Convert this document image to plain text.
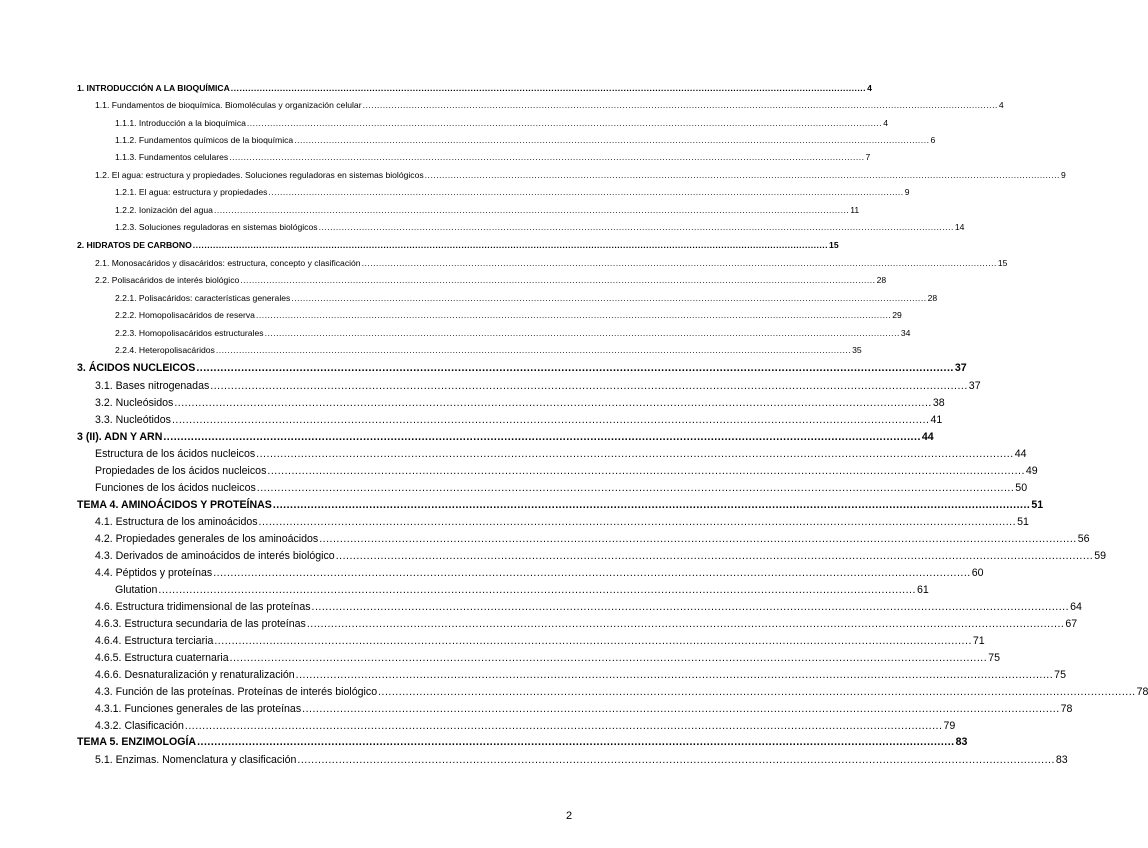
1. INTRODUCCIÓN A LA BIOQUÍMICA ............................................................................................................................................................................................................................ 4
1.1. Fundamentos de bioquímica. Biomoléculas y organización celular ............................................................................................................................................................................................................................ 4
1.1.1. Introducción a la bioquímica ............................................................................................................................................................................................................................ 4
1.1.2. Fundamentos químicos de la bioquímica ............................................................................................................................................................................................................................ 6
1.1.3. Fundamentos celulares ............................................................................................................................................................................................................................ 7
1.2. El agua: estructura y propiedades. Soluciones reguladoras en sistemas biológicos ............................................................................................................................................................................................................................ 9
1.2.1. El agua: estructura y propiedades ............................................................................................................................................................................................................................ 9
1.2.2. Ionización del agua ............................................................................................................................................................................................................................ 11
1.2.3. Soluciones reguladoras en sistemas biológicos ............................................................................................................................................................................................................................ 14
2. HIDRATOS DE CARBONO ............................................................................................................................................................................................................................ 15
2.1. Monosacáridos y disacáridos: estructura, concepto y clasificación ............................................................................................................................................................................................................................ 15
2.2. Polisacáridos de interés biológico ............................................................................................................................................................................................................................ 28
2.2.1. Polisacáridos: características generales ............................................................................................................................................................................................................................ 28
2.2.2. Homopolisacáridos de reserva ............................................................................................................................................................................................................................ 29
2.2.3. Homopolisacáridos estructurales ............................................................................................................................................................................................................................ 34
2.2.4. Heteropolisacáridos ............................................................................................................................................................................................................................ 35
3. ÁCIDOS NUCLEICOS ............................................................................................................................................................................................................................ 37
3.1. Bases nitrogenadas ............................................................................................................................................................................................................................ 37
3.2. Nucleósidos ............................................................................................................................................................................................................................ 38
3.3. Nucleótidos ............................................................................................................................................................................................................................ 41
3 (II). ADN Y ARN ............................................................................................................................................................................................................................ 44
Estructura de los ácidos nucleicos ............................................................................................................................................................................................................................ 44
Propiedades de los ácidos nucleicos ............................................................................................................................................................................................................................ 49
Funciones de los ácidos nucleicos ............................................................................................................................................................................................................................ 50
TEMA 4. AMINOÁCIDOS Y PROTEÍNAS ............................................................................................................................................................................................................................ 51
4.1. Estructura de los aminoácidos ............................................................................................................................................................................................................................ 51
4.2. Propiedades generales de los aminoácidos ............................................................................................................................................................................................................................ 56
4.3. Derivados de aminoácidos de interés biológico ............................................................................................................................................................................................................................ 59
4.4. Péptidos y proteínas ............................................................................................................................................................................................................................ 60
Glutation ............................................................................................................................................................................................................................ 61
4.6. Estructura tridimensional de las proteínas ............................................................................................................................................................................................................................ 64
4.6.3. Estructura secundaria de las proteínas ............................................................................................................................................................................................................................ 67
4.6.4. Estructura terciaria ............................................................................................................................................................................................................................ 71
4.6.5. Estructura cuaternaria ............................................................................................................................................................................................................................ 75
4.6.6. Desnaturalización y renaturalización ............................................................................................................................................................................................................................ 75
4.3. Función de las proteínas. Proteínas de interés biológico ............................................................................................................................................................................................................................ 78
4.3.1. Funciones generales de las proteínas ............................................................................................................................................................................................................................ 78
4.3.2. Clasificación ............................................................................................................................................................................................................................ 79
TEMA 5. ENZIMOLOGÍA ............................................................................................................................................................................................................................ 83
5.1. Enzimas. Nomenclatura y clasificación ............................................................................................................................................................................................................................ 83
2
